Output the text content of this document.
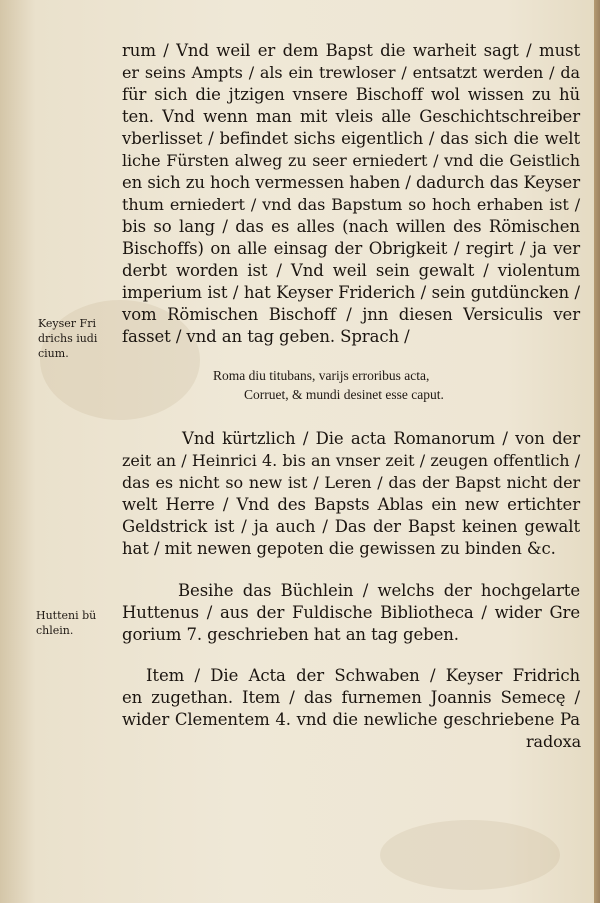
rum / Vnd weil er dem Bapst die warheit sagt / must
er seins Ampts / als ein trewloser / entsatzt werden / da
für sich die jtzigen vnsere Bischoff wol wissen zu hü
ten. Vnd wenn man mit vleis alle Geschichtschreiber
vberlisset / befindet sichs eigentlich / das sich die welt
liche Fürsten alweg zu seer erniedert / vnd die Geistlich
en sich zu hoch vermessen haben / dadurch das Keyser
thum erniedert / vnd das Bapstum so hoch erhaben ist /
bis so lang / das es alles (nach willen des Römischen
Bischoffs) on alle einsag der Obrigkeit / regirt / ja ver
derbt worden ist / Vnd weil sein gewalt / violentum
imperium ist / hat Keyser Friderich / sein gutdüncken /
vom Römischen Bischoff / jnn diesen Versiculis ver
fasset / vnd an tag geben. Sprach /
Keyser Fri
drichs iudi
cium.
Roma diu titubans, varijs erroribus acta,
Corruet, & mundi desinet esse caput.
Vnd kürtzlich / Die acta Romanorum / von der
zeit an / Heinrici 4. bis an vnser zeit / zeugen offentlich /
das es nicht so new ist / Leren / das der Bapst nicht der
welt Herre / Vnd des Bapsts Ablas ein new ertichter
Geldstrick ist / ja auch / Das der Bapst keinen gewalt
hat / mit newen gepoten die gewissen zu binden &c.
Besihe das Büchlein / welchs der hochgelarte
Huttenus / aus der Fuldische Bibliotheca / wider Gre
gorium 7. geschrieben hat an tag geben.
Hutteni bü
chlein.
Item / Die Acta der Schwaben / Keyser Fridrich
en zugethan. Item / das furnemen Joannis Semecę /
wider Clementem 4. vnd die newliche geschriebene Pa
radoxa
